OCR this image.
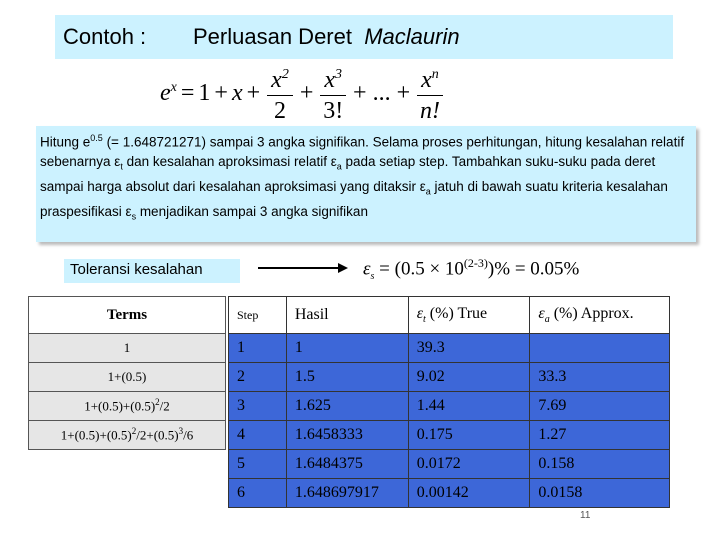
Contoh : Perluasan Deret Maclaurin
$e^x = 1 + x + \frac{x^2}{2} + \frac{x^3}{3!}$ + ... + $\frac{x^n}{n!}$
Hitung $e^{0.5}$ (= 1.648721271) sampai 3 angka signifikan. Selama proses perhitungan, hitung kesalahan relatif sebenarnya $\varepsilon_t$ dan kesalahan aproksimasi relatif $\varepsilon_a$ pada setiap step. Tambahkan suku-suku pada deret sampai harga absolut dari kesalahan aproksimasi yang ditaksir $\varepsilon_a$ jatuh di bawah suatu kriteria kesalahan praspesifikasi $\varepsilon_s$ menjadikan sampai 3 angka signifikan
Toleransi kesalahan	$\varepsilon_s = (0.5 \times 10^{(2-3)})\% = 0.05\%$
Terms
1
1+(0.5)
$1+(0.5)+(0.5)^2/2$
$1+(0.5)+(0.5)^2/2+(0.5)^3/6$
Step	Hasil	$\varepsilon_t$ (%) True	$\varepsilon_a$ (%) Approx.
1	1	39.3	
2	1.5	9.02	33.3
3	1.625	1.44	7.69
4	1.6458333	0.175	1.27
5	1.6484375	0.0172	0.158
6	1.648697917	0.00142	0.0158
11
